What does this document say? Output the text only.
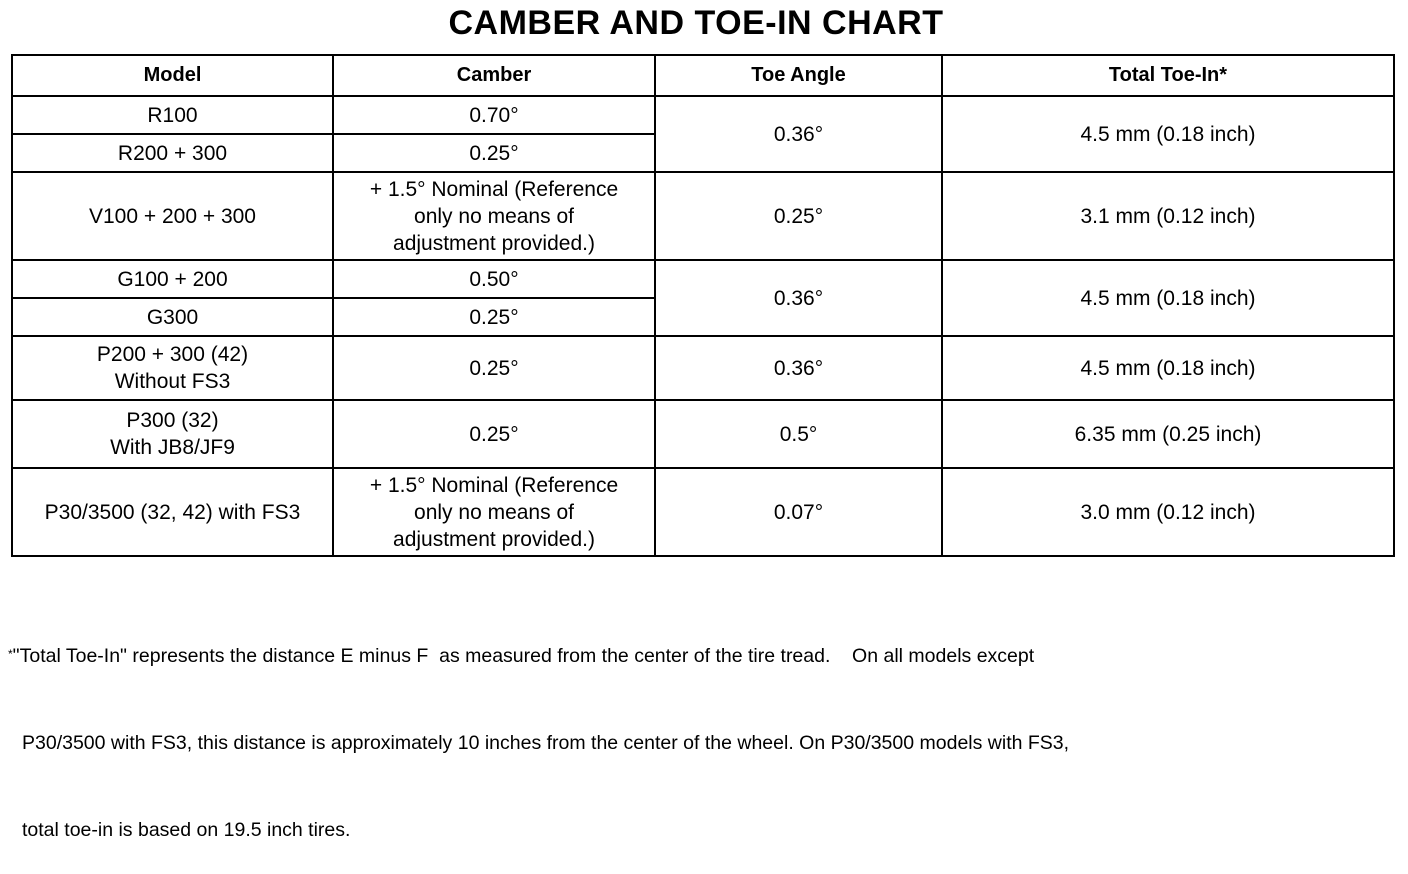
CAMBER AND TOE-IN CHART
Model	Camber	Toe Angle	Total Toe-In*
R100	0.70°	0.36°	4.5 mm (0.18 inch)
R200 + 300	0.25°		
V100 + 200 + 300	+ 1.5° Nominal (Reference
only no means of
adjustment provided.)	0.25°	3.1 mm (0.12 inch)
G100 + 200	0.50°	0.36°	4.5 mm (0.18 inch)
G300	0.25°		

P200 + 300 (42)
Without FS3	0.25°	0.36°	4.5 mm (0.18 inch)

P300 (32)
With JB8/JF9	0.25°	0.5°	6.35 mm (0.25 inch)
P30/3500 (32, 42) with FS3	+ 1.5° Nominal (Reference
only no means of
adjustment provided.)	0.07°	3.0 mm (0.12 inch)

*"Total Toe-In" represents the distance E minus F  as measured from the center of the tire tread.    On all models except

P30/3500 with FS3, this distance is approximately 10 inches from the center of the wheel. On P30/3500 models with FS3,

total toe-in is based on 19.5 inch tires.
